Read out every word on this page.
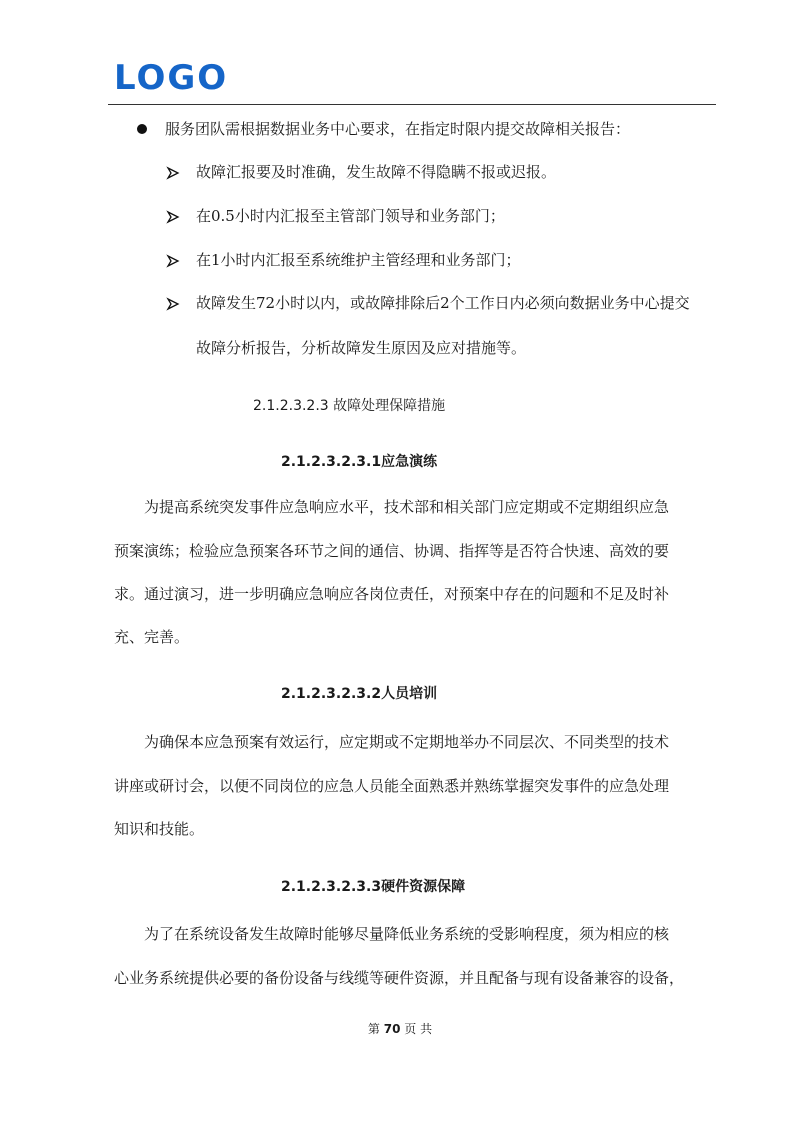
LOGO
服务团队需根据数据业务中心要求，在指定时限内提交故障相关报告：
故障汇报要及时准确，发生故障不得隐瞒不报或迟报。
在0.5小时内汇报至主管部门领导和业务部门；
在1小时内汇报至系统维护主管经理和业务部门；
故障发生72小时以内，或故障排除后2个工作日内必须向数据业务中心提交
故障分析报告，分析故障发生原因及应对措施等。
2.1.2.3.2.3 故障处理保障措施
2.1.2.3.2.3.1应急演练
为提高系统突发事件应急响应水平，技术部和相关部门应定期或不定期组织应急
预案演练；检验应急预案各环节之间的通信、协调、指挥等是否符合快速、高效的要
求。通过演习，进一步明确应急响应各岗位责任，对预案中存在的问题和不足及时补
充、完善。
2.1.2.3.2.3.2人员培训
为确保本应急预案有效运行，应定期或不定期地举办不同层次、不同类型的技术
讲座或研讨会，以便不同岗位的应急人员能全面熟悉并熟练掌握突发事件的应急处理
知识和技能。
2.1.2.3.2.3.3硬件资源保障
为了在系统设备发生故障时能够尽量降低业务系统的受影响程度，须为相应的核
心业务系统提供必要的备份设备与线缆等硬件资源，并且配备与现有设备兼容的设备，
第 70 页 共
